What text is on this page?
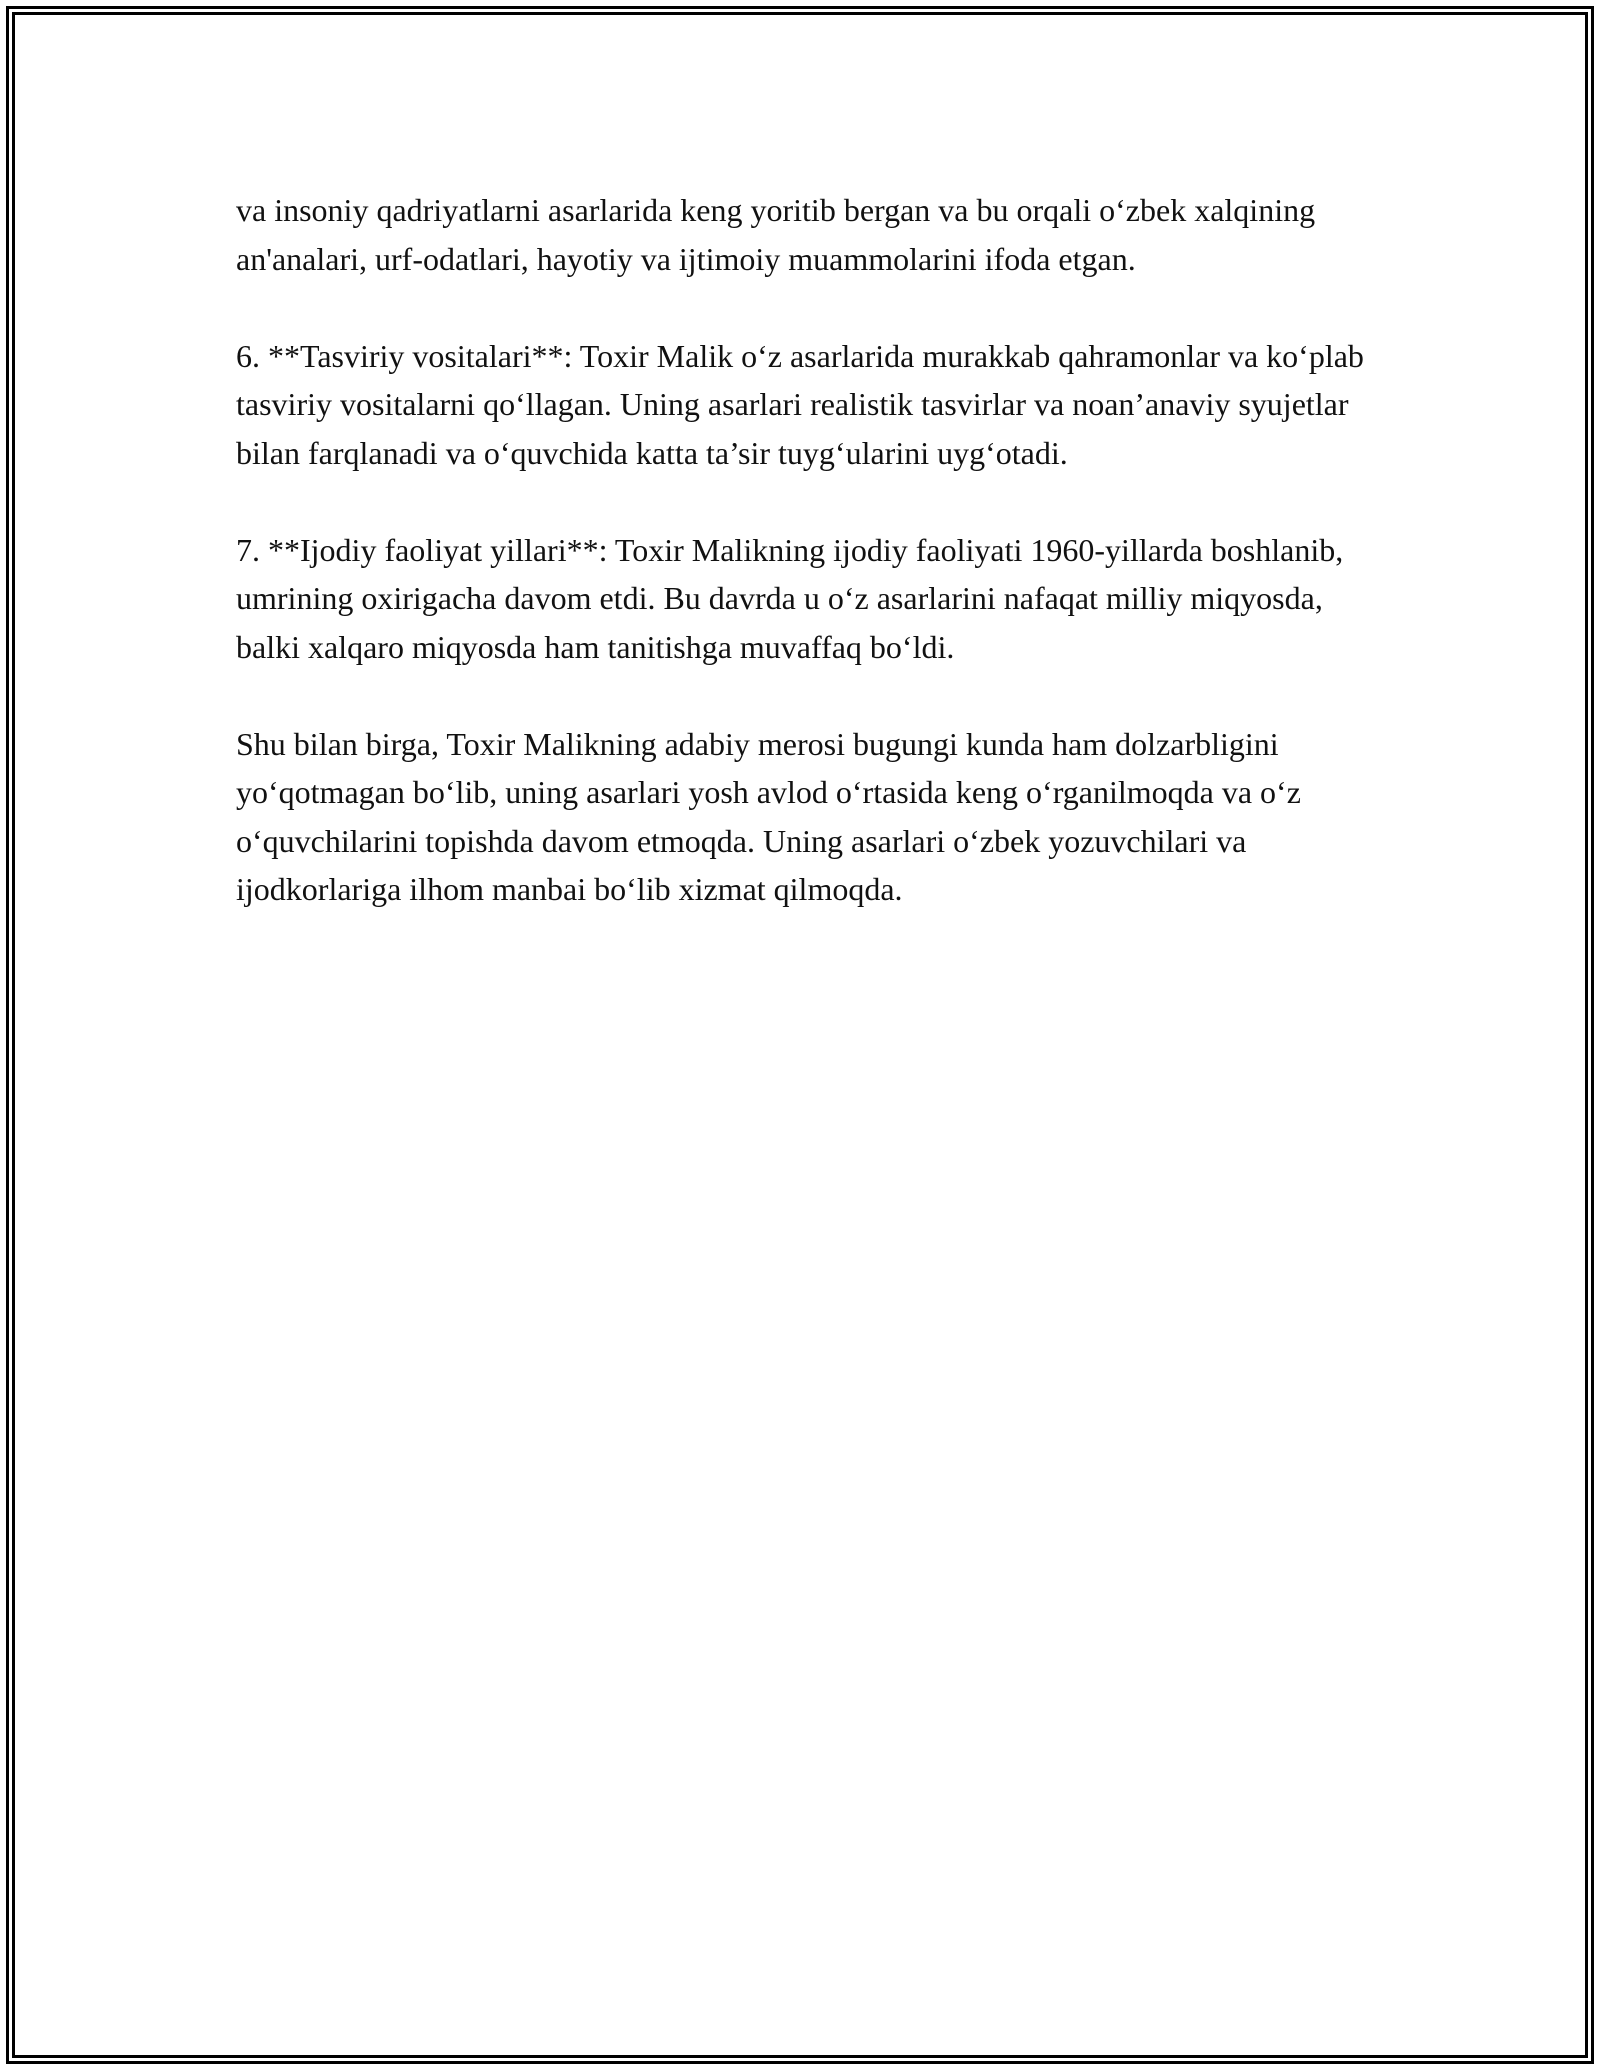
va insoniy qadriyatlarni asarlarida keng yoritib bergan va bu orqali o‘zbek xalqining an'analari, urf-odatlari, hayotiy va ijtimoiy muammolarini ifoda etgan.

6. **Tasviriy vositalari**: Toxir Malik o‘z asarlarida murakkab qahramonlar va ko‘plab tasviriy vositalarni qo‘llagan. Uning asarlari realistik tasvirlar va noan’anaviy syujetlar bilan farqlanadi va o‘quvchida katta ta’sir tuyg‘ularini uyg‘otadi.

7. **Ijodiy faoliyat yillari**: Toxir Malikning ijodiy faoliyati 1960-yillarda boshlanib, umrining oxirigacha davom etdi. Bu davrda u o‘z asarlarini nafaqat milliy miqyosda, balki xalqaro miqyosda ham tanitishga muvaffaq bo‘ldi.

Shu bilan birga, Toxir Malikning adabiy merosi bugungi kunda ham dolzarbligini yo‘qotmagan bo‘lib, uning asarlari yosh avlod o‘rtasida keng o‘rganilmoqda va o‘z o‘quvchilarini topishda davom etmoqda. Uning asarlari o‘zbek yozuvchilari va ijodkorlariga ilhom manbai bo‘lib xizmat qilmoqda.
